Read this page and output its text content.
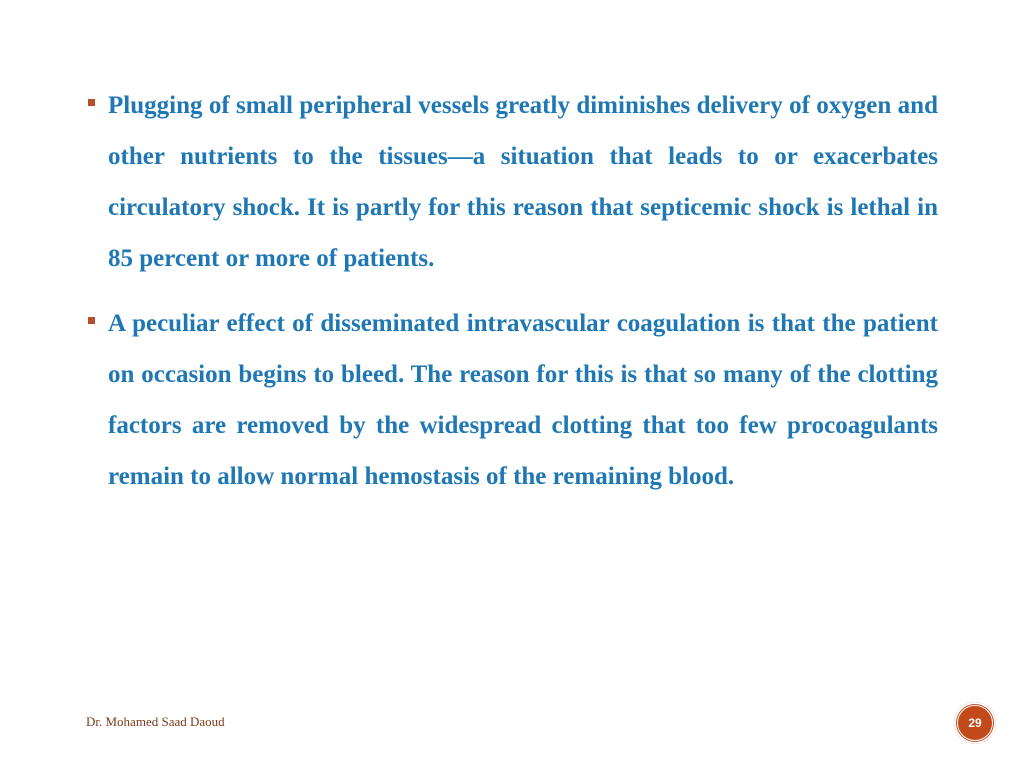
Plugging of small peripheral vessels greatly diminishes delivery of oxygen and other nutrients to the tissues—a situation that leads to or exacerbates circulatory shock. It is partly for this reason that septicemic shock is lethal in 85 percent or more of patients.
A peculiar effect of disseminated intravascular coagulation is that the patient on occasion begins to bleed. The reason for this is that so many of the clotting factors are removed by the widespread clotting that too few procoagulants remain to allow normal hemostasis of the remaining blood.
Dr. Mohamed Saad Daoud	29
